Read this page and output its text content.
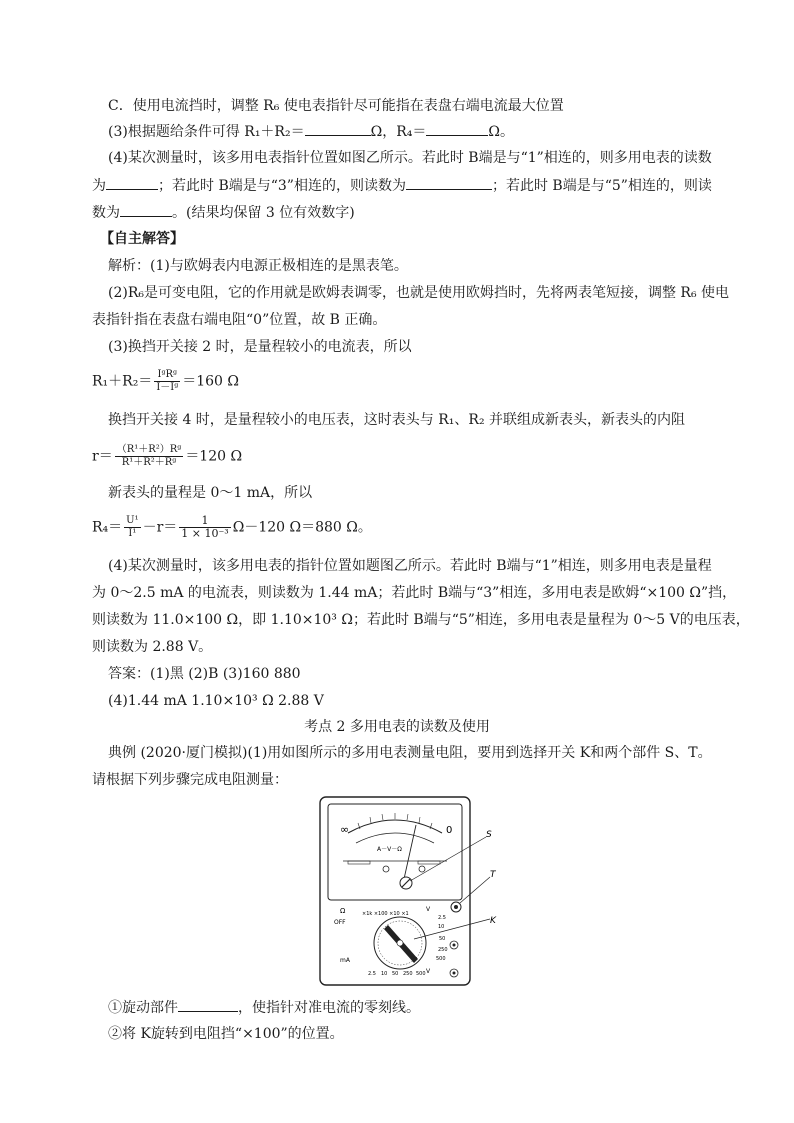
C．使用电流挡时，调整 R₆ 使电表指针尽可能指在表盘右端电流最大位置
(3)根据题给条件可得 R₁＋R₂＝	Ω，R₄＝	Ω。
(4)某次测量时，该多用电表指针位置如图乙所示。若此时 B端是与“1”相连的，则多用电表的读数
为	；若此时 B端是与“3”相连的，则读数为	；若此时 B端是与“5”相连的，则读
数为	。(结果均保留 3 位有效数字)
【自主解答】
解析：(1)与欧姆表内电源正极相连的是黑表笔。
(2)R₆是可变电阻，它的作用就是欧姆表调零，也就是使用欧姆挡时，先将两表笔短接，调整 R₆ 使电
表指针指在表盘右端电阻“0”位置，故 B 正确。
(3)换挡开关接 2 时，是量程较小的电流表，所以
$R_1+R_2= \frac{\text{IᵍRᵍ}}{\text{I－Iᵍ}} =160$ Ω
换挡开关接 4 时，是量程较小的电压表，这时表头与 R₁、R₂ 并联组成新表头，新表头的内阻
$r= \frac{\text{（R¹＋R²）Rᵍ}}{\text{R¹＋R²＋Rᵍ}} =120$ Ω
新表头的量程是 0～1 mA，所以
$R_4= \frac{\text{U¹}}{\text{I¹}} -r= \frac{1}{\text{1 × 10⁻³}} \Omega-120$ Ω＝880 Ω。
(4)某次测量时，该多用电表的指针位置如题图乙所示。若此时 B端与“1”相连，则多用电表是量程
为 0～2.5 mA 的电流表，则读数为 1.44 mA；若此时 B端与“3”相连，多用电表是欧姆“×100 Ω”挡，
则读数为 11.0×100 Ω，即 1.10×10³ Ω；若此时 B端与“5”相连，多用电表是量程为 0～5 V的电压表，
则读数为 2.88 V。
答案：(1)黑 (2)B (3)160 880
(4)1.44 mA 1.10×10³ Ω 2.88 V
考点 2 多用电表的读数及使用
典例 (2020·厦门模拟)(1)用如图所示的多用电表测量电阻，要用到选择开关 K和两个部件 S、T。
请根据下列步骤完成电阻测量：
∞	0
A－V－Ω
S
Ω	×1k ×100 ×10 ×1
OFF
V
2.5
10
50
250
500
mA
2.5 10 50 250 500 V
K
T
①旋动部件	，使指针对准电流的零刻线。
②将 K旋转到电阻挡“×100”的位置。
